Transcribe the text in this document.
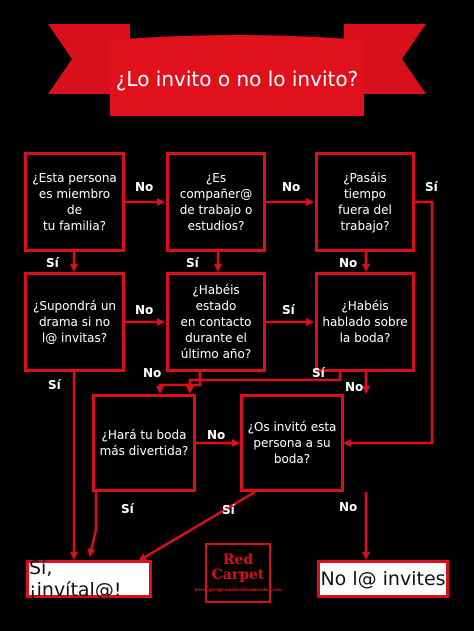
¿Lo invito o no lo invito?
¿Esta persona
es miembro de
tu familia?
¿Es
compañer@
de trabajo o
estudios?
¿Pasáis tiempo
fuera del
trabajo?
¿Supondrá un
drama si no
l@ invitas?
¿Habéis estado
en contacto
durante el
último año?
¿Habéis
hablado sobre
la boda?
¿Hará tu boda
más divertida?
¿Os invitó esta
persona a su
boda?
No	No	Sí
Sí	Sí	No
No	Sí
No	Sí
Sí	No
No
Sí	Sí	No
Sí, ¡invítal@!	No l@ invites
Red
Carpet
www.gorgeousbridesmaids.com
